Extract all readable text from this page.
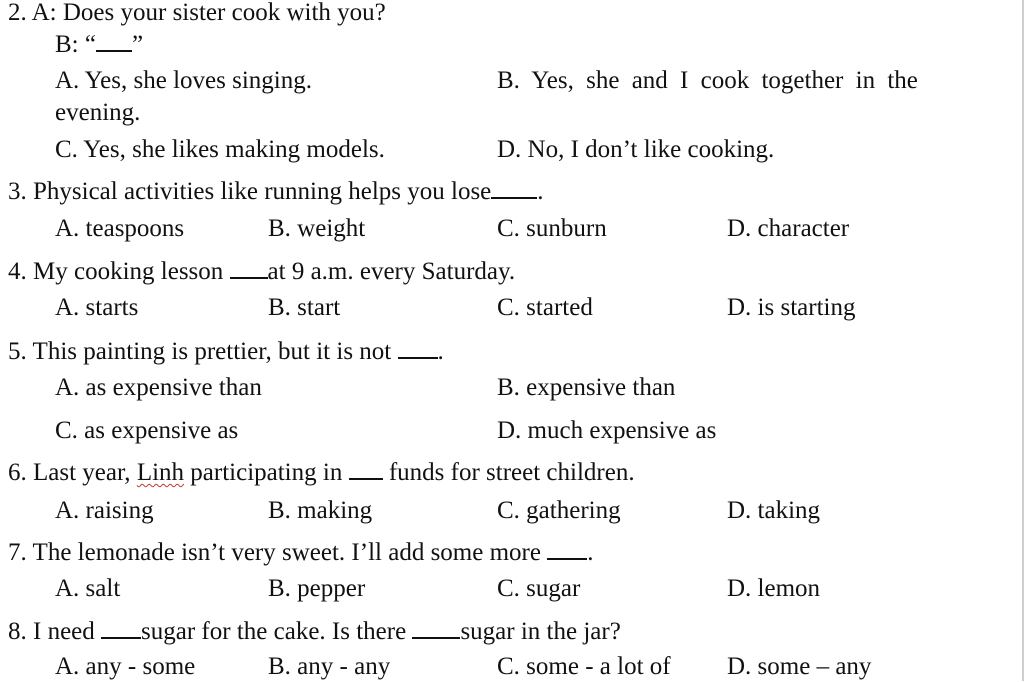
2. A: Does your sister cook with you?
B: “ ”
A. Yes, she loves singing.	B. Yes, she and I cook together in the
evening.
C. Yes, she likes making models.	D. No, I don’t like cooking.
3. Physical activities like running helps you lose .
A. teaspoons	B. weight	C. sunburn	D. character
4. My cooking lesson at 9 a.m. every Saturday.
A. starts	B. start	C. started	D. is starting
5. This painting is prettier, but it is not .
A. as expensive than	B. expensive than
C. as expensive as	D. much expensive as
6. Last year, Linh participating in  funds for street children.
A. raising	B. making	C. gathering	D. taking
7. The lemonade isn’t very sweet. I’ll add some more .
A. salt	B. pepper	C. sugar	D. lemon
8. I need sugar for the cake. Is there sugar in the jar?
A. any - some	B. any - any	C. some - a lot of D. some – any
